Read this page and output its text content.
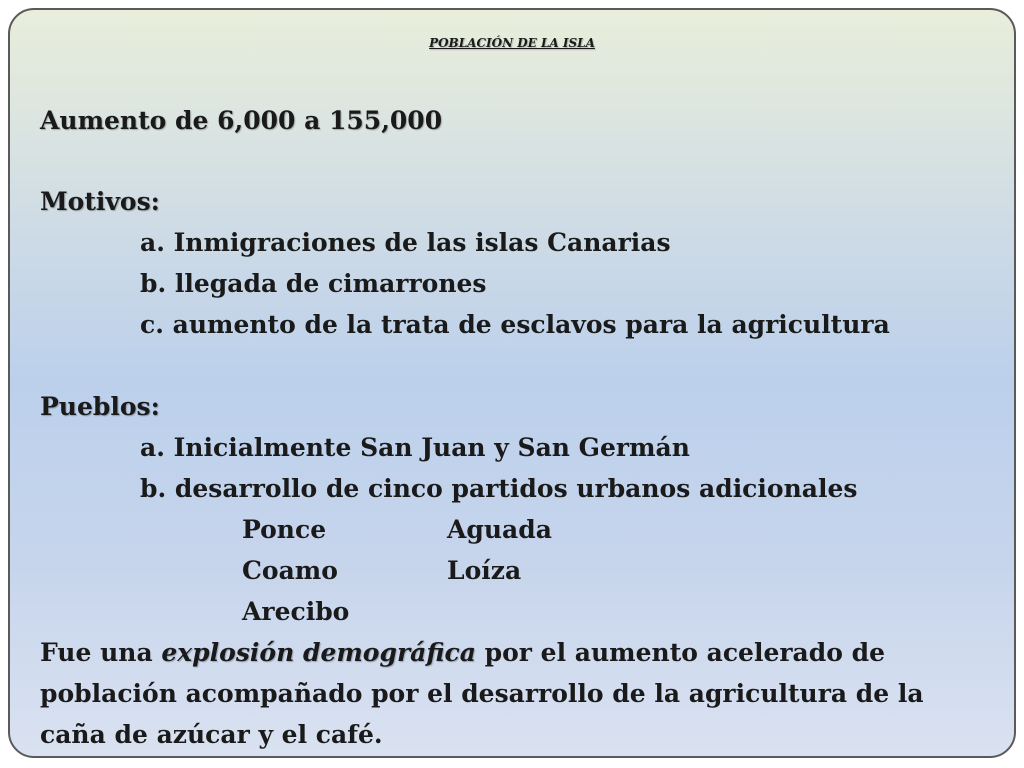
POBLACIÓN DE LA ISLA
Aumento de 6,000 a 155,000
Motivos:
a. Inmigraciones de las islas Canarias
b. llegada de cimarrones
c. aumento de la trata de esclavos para la agricultura
Pueblos:
a. Inicialmente San Juan y San Germán
b. desarrollo de cinco partidos urbanos adicionales
Ponce	Aguada
Coamo	Loíza
Arecibo
Fue una explosión demográfica por el aumento acelerado de
población acompañado por el desarrollo de la agricultura de la
caña de azúcar y el café.
